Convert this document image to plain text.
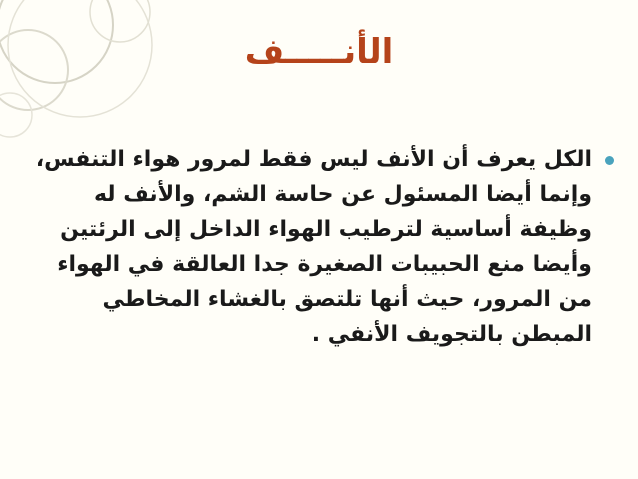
الأنـــــف
الكل يعرف أن الأنف ليس فقط لمرور هواء التنفس،
وإنما أيضا المسئول عن حاسة الشم، والأنف له
وظيفة أساسية لترطيب الهواء الداخل إلى الرئتين
وأيضا منع الحبيبات الصغيرة جدا العالقة في الهواء
من المرور، حيث أنها تلتصق بالغشاء المخاطي
المبطن بالتجويف الأنفي .
